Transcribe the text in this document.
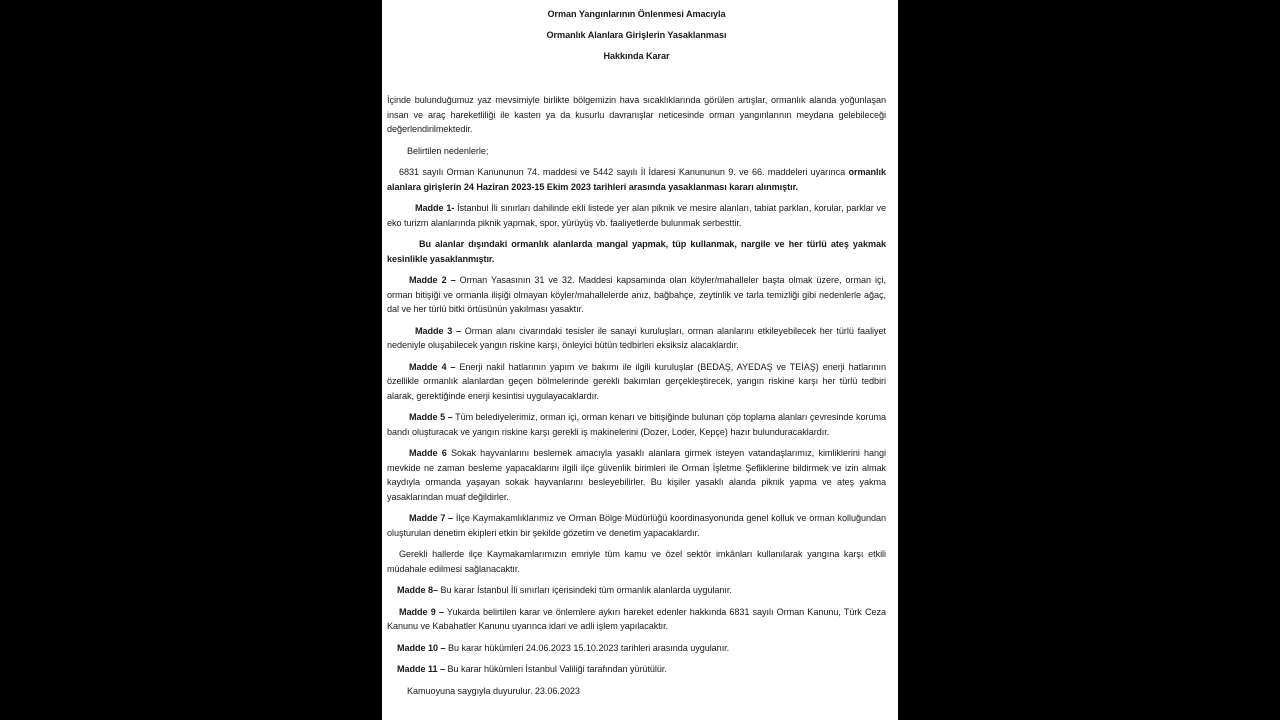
Orman Yangınlarının Önlenmesi Amacıyla

Ormanlık Alanlara Girişlerin Yasaklanması

Hakkında Karar

İçinde bulunduğumuz yaz mevsimiyle birlikte bölgemizin hava sıcaklıklarında görülen artışlar, ormanlık alanda yoğunlaşan insan ve araç hareketliliği ile kasten ya da kusurlu davranışlar neticesinde orman yangınlarının meydana gelebileceği değerlendirilmektedir.

Belirtilen nedenlerle;

6831 sayılı Orman Kanununun 74. maddesi ve 5442 sayılı İl İdaresi Kanununun 9. ve 66. maddeleri uyarınca ormanlık alanlara girişlerin 24 Haziran 2023-15 Ekim 2023 tarihleri arasında yasaklanması kararı alınmıştır.

Madde 1- İstanbul İli sınırları dahilinde ekli listede yer alan piknik ve mesire alanları, tabiat parkları, korular, parklar ve eko turizm alanlarında piknik yapmak, spor, yürüyüş vb. faaliyetlerde bulunmak serbesttir.

Bu alanlar dışındaki ormanlık alanlarda mangal yapmak, tüp kullanmak, nargile ve her türlü ateş yakmak kesinlikle yasaklanmıştır.

Madde 2 – Orman Yasasının 31 ve 32. Maddesi kapsamında olan köyler/mahalleler başta olmak üzere, orman içi, orman bitişiği ve ormanla ilişiği olmayan köyler/mahallelerde anız, bağbahçe, zeytinlik ve tarla temizliği gibi nedenlerle ağaç, dal ve her türlü bitki örtüsünün yakılması yasaktır.

Madde 3 – Orman alanı civarındaki tesisler ile sanayi kuruluşları, orman alanlarını etkileyebilecek her türlü faaliyet nedeniyle oluşabilecek yangın riskine karşı, önleyici bütün tedbirleri eksiksiz alacaklardır.

Madde 4 – Enerji nakil hatlarının yapım ve bakımı ile ilgili kuruluşlar (BEDAŞ, AYEDAŞ ve TEİAŞ) enerji hatlarının özellikle ormanlık alanlardan geçen bölmelerinde gerekli bakımları gerçekleştirecek, yangın riskine karşı her türlü tedbiri alarak, gerektiğinde enerji kesintisi uygulayacaklardır.

Madde 5 – Tüm belediyelerimiz, orman içi, orman kenarı ve bitişiğinde bulunan çöp toplama alanları çevresinde koruma bandı oluşturacak ve yangın riskine karşı gerekli iş makinelerini (Dozer, Loder, Kepçe) hazır bulunduracaklardır.

Madde 6 Sokak hayvanlarını beslemek amacıyla yasaklı alanlara girmek isteyen vatandaşlarımız, kimliklerini hangi mevkide ne zaman besleme yapacaklarını ilgili ilçe güvenlik birimleri ile Orman İşletme Şefliklerine bildirmek ve izin almak kaydıyla ormanda yaşayan sokak hayvanlarını besleyebilirler. Bu kişiler yasaklı alanda piknik yapma ve ateş yakma yasaklarından muaf değildirler.

Madde 7 – İlçe Kaymakamlıklarımız ve Orman Bölge Müdürlüğü koordinasyonunda genel kolluk ve orman kolluğundan oluşturulan denetim ekipleri etkin bir şekilde gözetim ve denetim yapacaklardır.

Gerekli hallerde ilçe Kaymakamlarımızın emriyle tüm kamu ve özel sektör imkânları kullanılarak yangına karşı etkili müdahale edilmesi sağlanacaktır.

Madde 8– Bu karar İstanbul İli sınırları içerisindeki tüm ormanlık alanlarda uygulanır.

Madde 9 – Yukarda belirtilen karar ve önlemlere aykırı hareket edenler hakkında 6831 sayılı Orman Kanunu, Türk Ceza Kanunu ve Kabahatler Kanunu uyarınca idari ve adli işlem yapılacaktır.

Madde 10 – Bu karar hükümleri 24.06.2023 15.10.2023 tarihleri arasında uygulanır.

Madde 11 – Bu karar hükümleri İstanbul Valiliği tarafından yürütülür.

Kamuoyuna saygıyla duyurulur. 23.06.2023
